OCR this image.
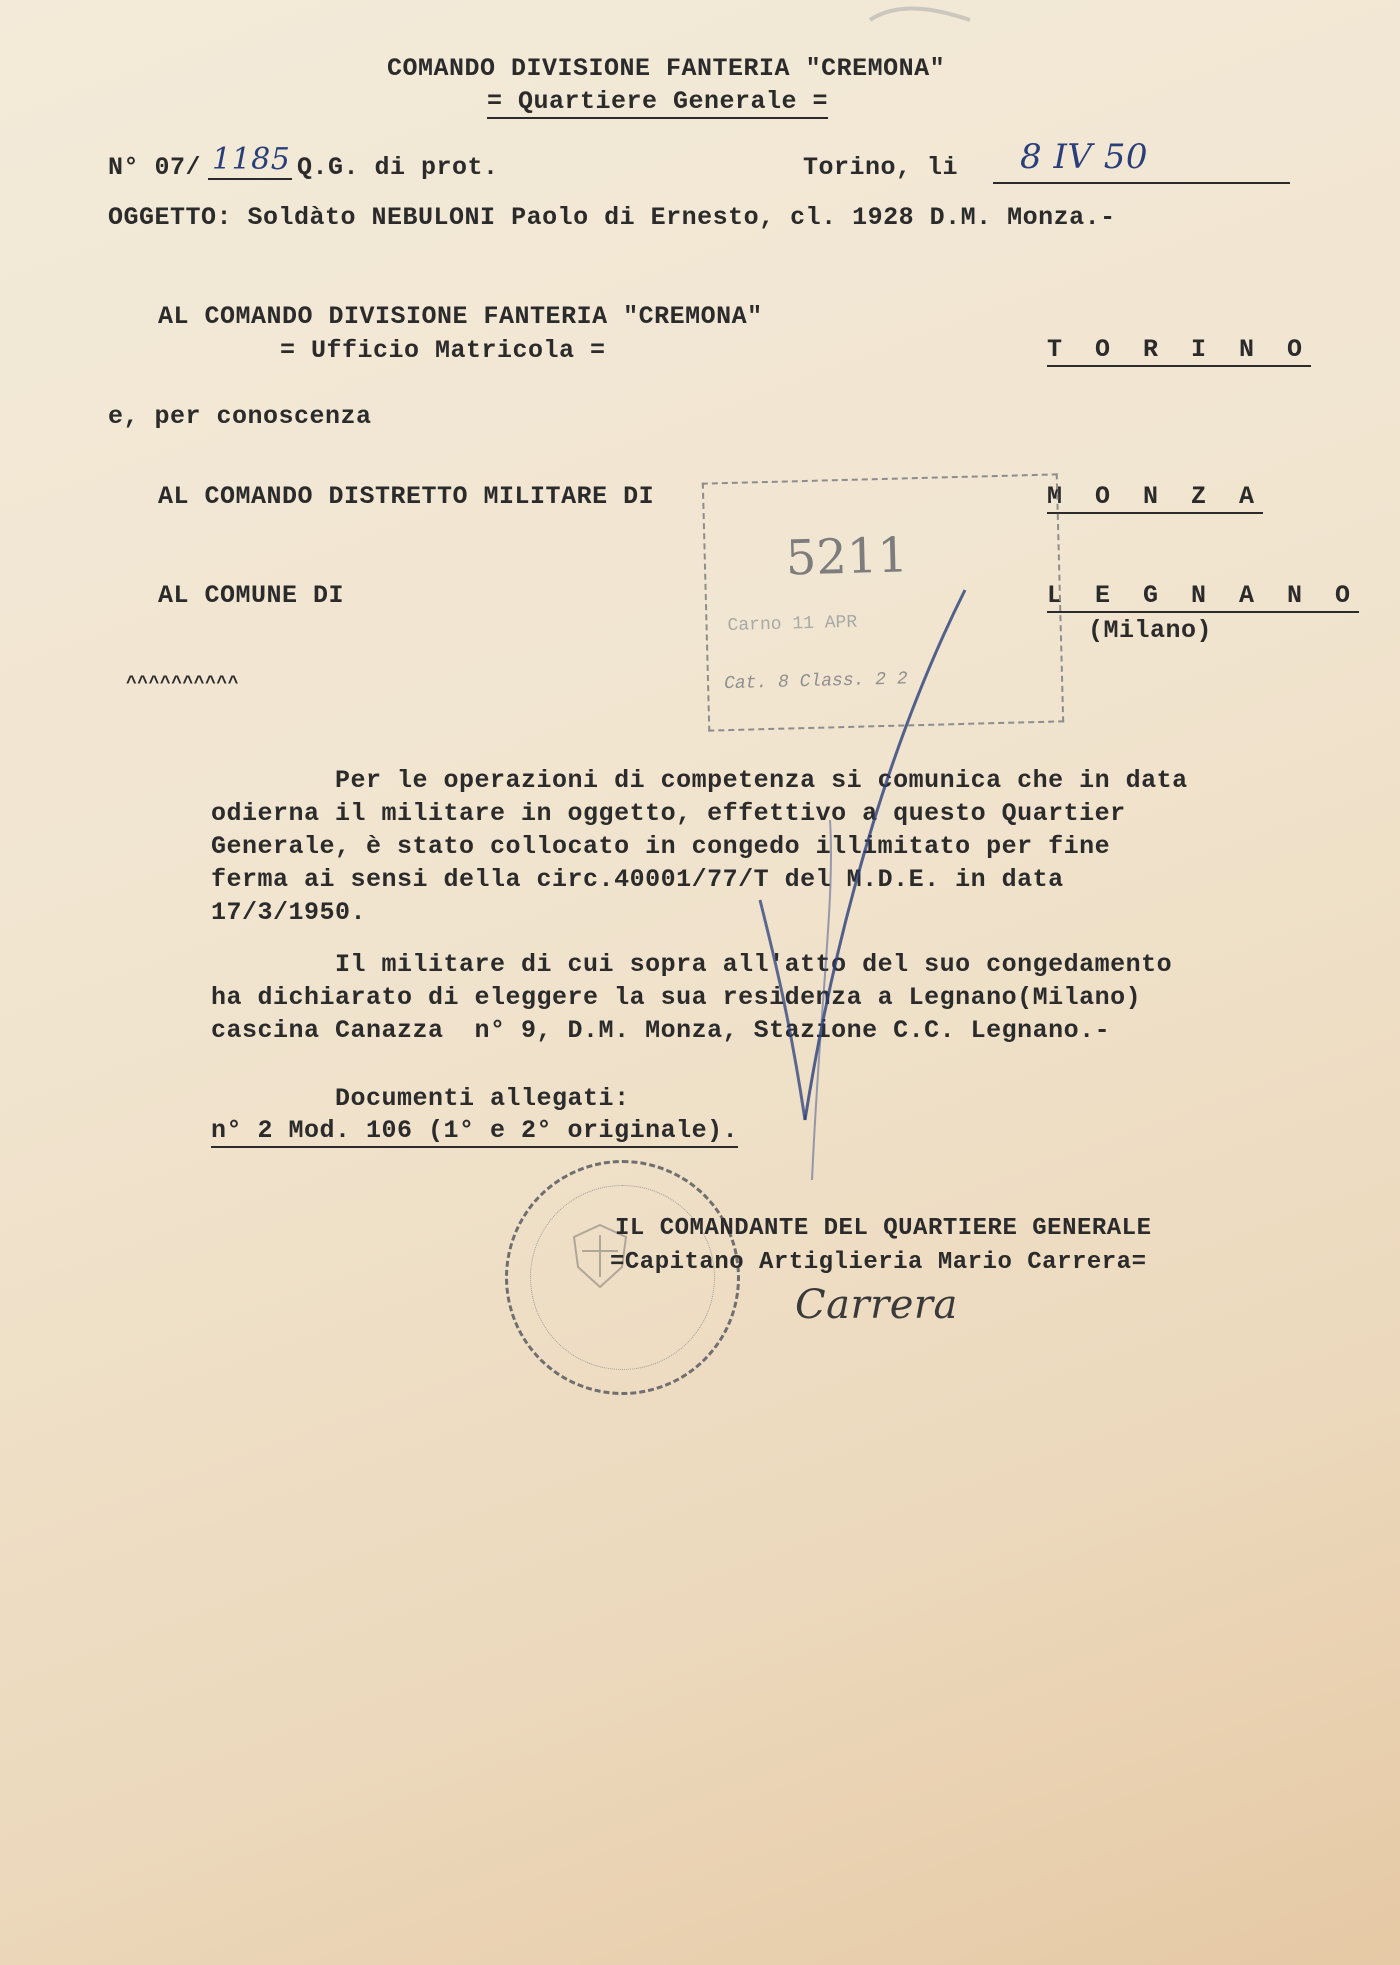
COMANDO DIVISIONE FANTERIA "CREMONA"
= Quartiere Generale =
N° 07/ 1185 Q.G. di prot.	Torino, li 8 IV 50
OGGETTO: Soldàto NEBULONI Paolo di Ernesto, cl. 1928 D.M. Monza.-
AL COMANDO DIVISIONE FANTERIA "CREMONA"
= Ufficio Matricola =	T O R I N O
e, per conoscenza
AL COMANDO DISTRETTO MILITARE DI	M O N Z A
AL COMUNE DI	L E G N A N O
(Milano)
^^^^^^^^^^
5211
Carno 11 APR
Cat. 8 Class. 2 2
Per le operazioni di competenza si comunica che in data
odierna il militare in oggetto, effettivo a questo Quartier
Generale, è stato collocato in congedo illimitato per fine
ferma ai sensi della circ.40001/77/T del M.D.E. in data
17/3/1950.
Il militare di cui sopra all'atto del suo congedamento
ha dichiarato di eleggere la sua residenza a Legnano(Milano)
cascina Canazza  n° 9, D.M. Monza, Stazione C.C. Legnano.-
Documenti allegati:
n° 2 Mod. 106 (1° e 2° originale).
IL COMANDANTE DEL QUARTIERE GENERALE
=Capitano Artiglieria Mario Carrera=
Carrera
